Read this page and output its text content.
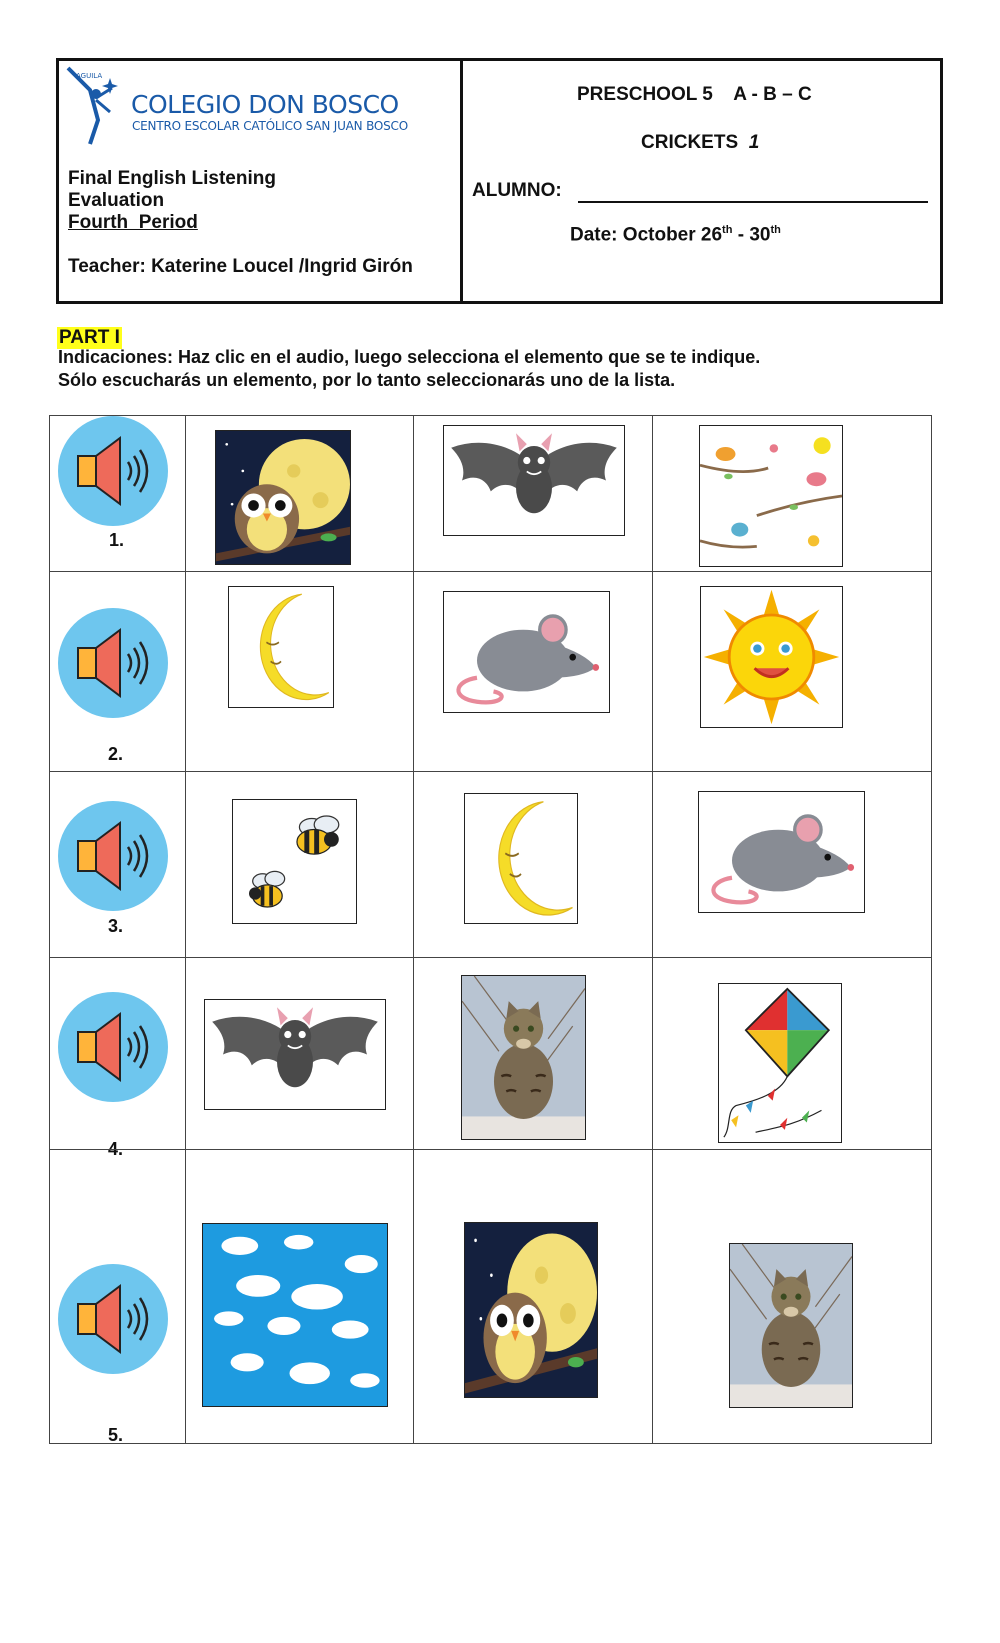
AGUILA
COLEGIO DON BOSCO
CENTRO ESCOLAR CATÓLICO SAN JUAN BOSCO
Final English Listening
Evaluation
Fourth  Period
Teacher: Katerine Loucel /Ingrid Girón
PRESCHOOL 5    A - B – C
CRICKETS 1
ALUMNO:
Date: October 26th - 30th
PART I
Indicaciones: Haz clic en el audio, luego selecciona el elemento que se te indique.
Sólo escucharás un elemento, por lo tanto seleccionarás uno de la lista.
1.
2.
3.
4.
5.
